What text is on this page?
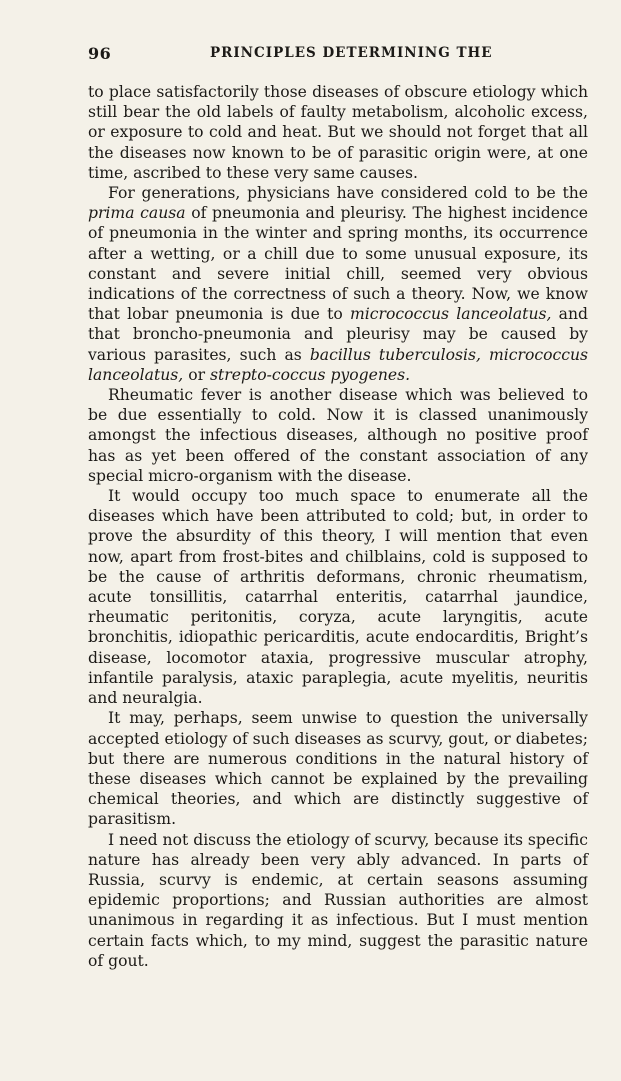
96	PRINCIPLES DETERMINING THE

to place satisfactorily those diseases of obscure etiology which still bear the old labels of faulty metabolism, alcoholic excess, or exposure to cold and heat. But we should not forget that all the diseases now known to be of parasitic origin were, at one time, ascribed to these very same causes.

For generations, physicians have considered cold to be the prima causa of pneumonia and pleurisy. The highest incidence of pneumonia in the winter and spring months, its occurrence after a wetting, or a chill due to some unusual exposure, its constant and severe initial chill, seemed very obvious indications of the correctness of such a theory. Now, we know that lobar pneumonia is due to micrococcus lanceolatus, and that broncho-pneumonia and pleurisy may be caused by various parasites, such as bacillus tuberculosis, micrococcus lanceolatus, or strepto-coccus pyogenes.

Rheumatic fever is another disease which was believed to be due essentially to cold. Now it is classed unanimously amongst the infectious diseases, although no positive proof has as yet been offered of the constant association of any special micro-organism with the disease.

It would occupy too much space to enumerate all the diseases which have been attributed to cold; but, in order to prove the absurdity of this theory, I will mention that even now, apart from frost-bites and chilblains, cold is supposed to be the cause of arthritis deformans, chronic rheumatism, acute tonsillitis, catarrhal enteritis, catarrhal jaundice, rheumatic peritonitis, coryza, acute laryngitis, acute bronchitis, idiopathic pericarditis, acute endocarditis, Bright’s disease, locomotor ataxia, progressive muscular atrophy, infantile paralysis, ataxic paraplegia, acute myelitis, neuritis and neuralgia.

It may, perhaps, seem unwise to question the universally accepted etiology of such diseases as scurvy, gout, or diabetes; but there are numerous conditions in the natural history of these diseases which cannot be explained by the prevailing chemical theories, and which are distinctly suggestive of parasitism.

I need not discuss the etiology of scurvy, because its specific nature has already been very ably advanced. In parts of Russia, scurvy is endemic, at certain seasons assuming epidemic proportions; and Russian authorities are almost unanimous in regarding it as infectious. But I must mention certain facts which, to my mind, suggest the parasitic nature of gout.
